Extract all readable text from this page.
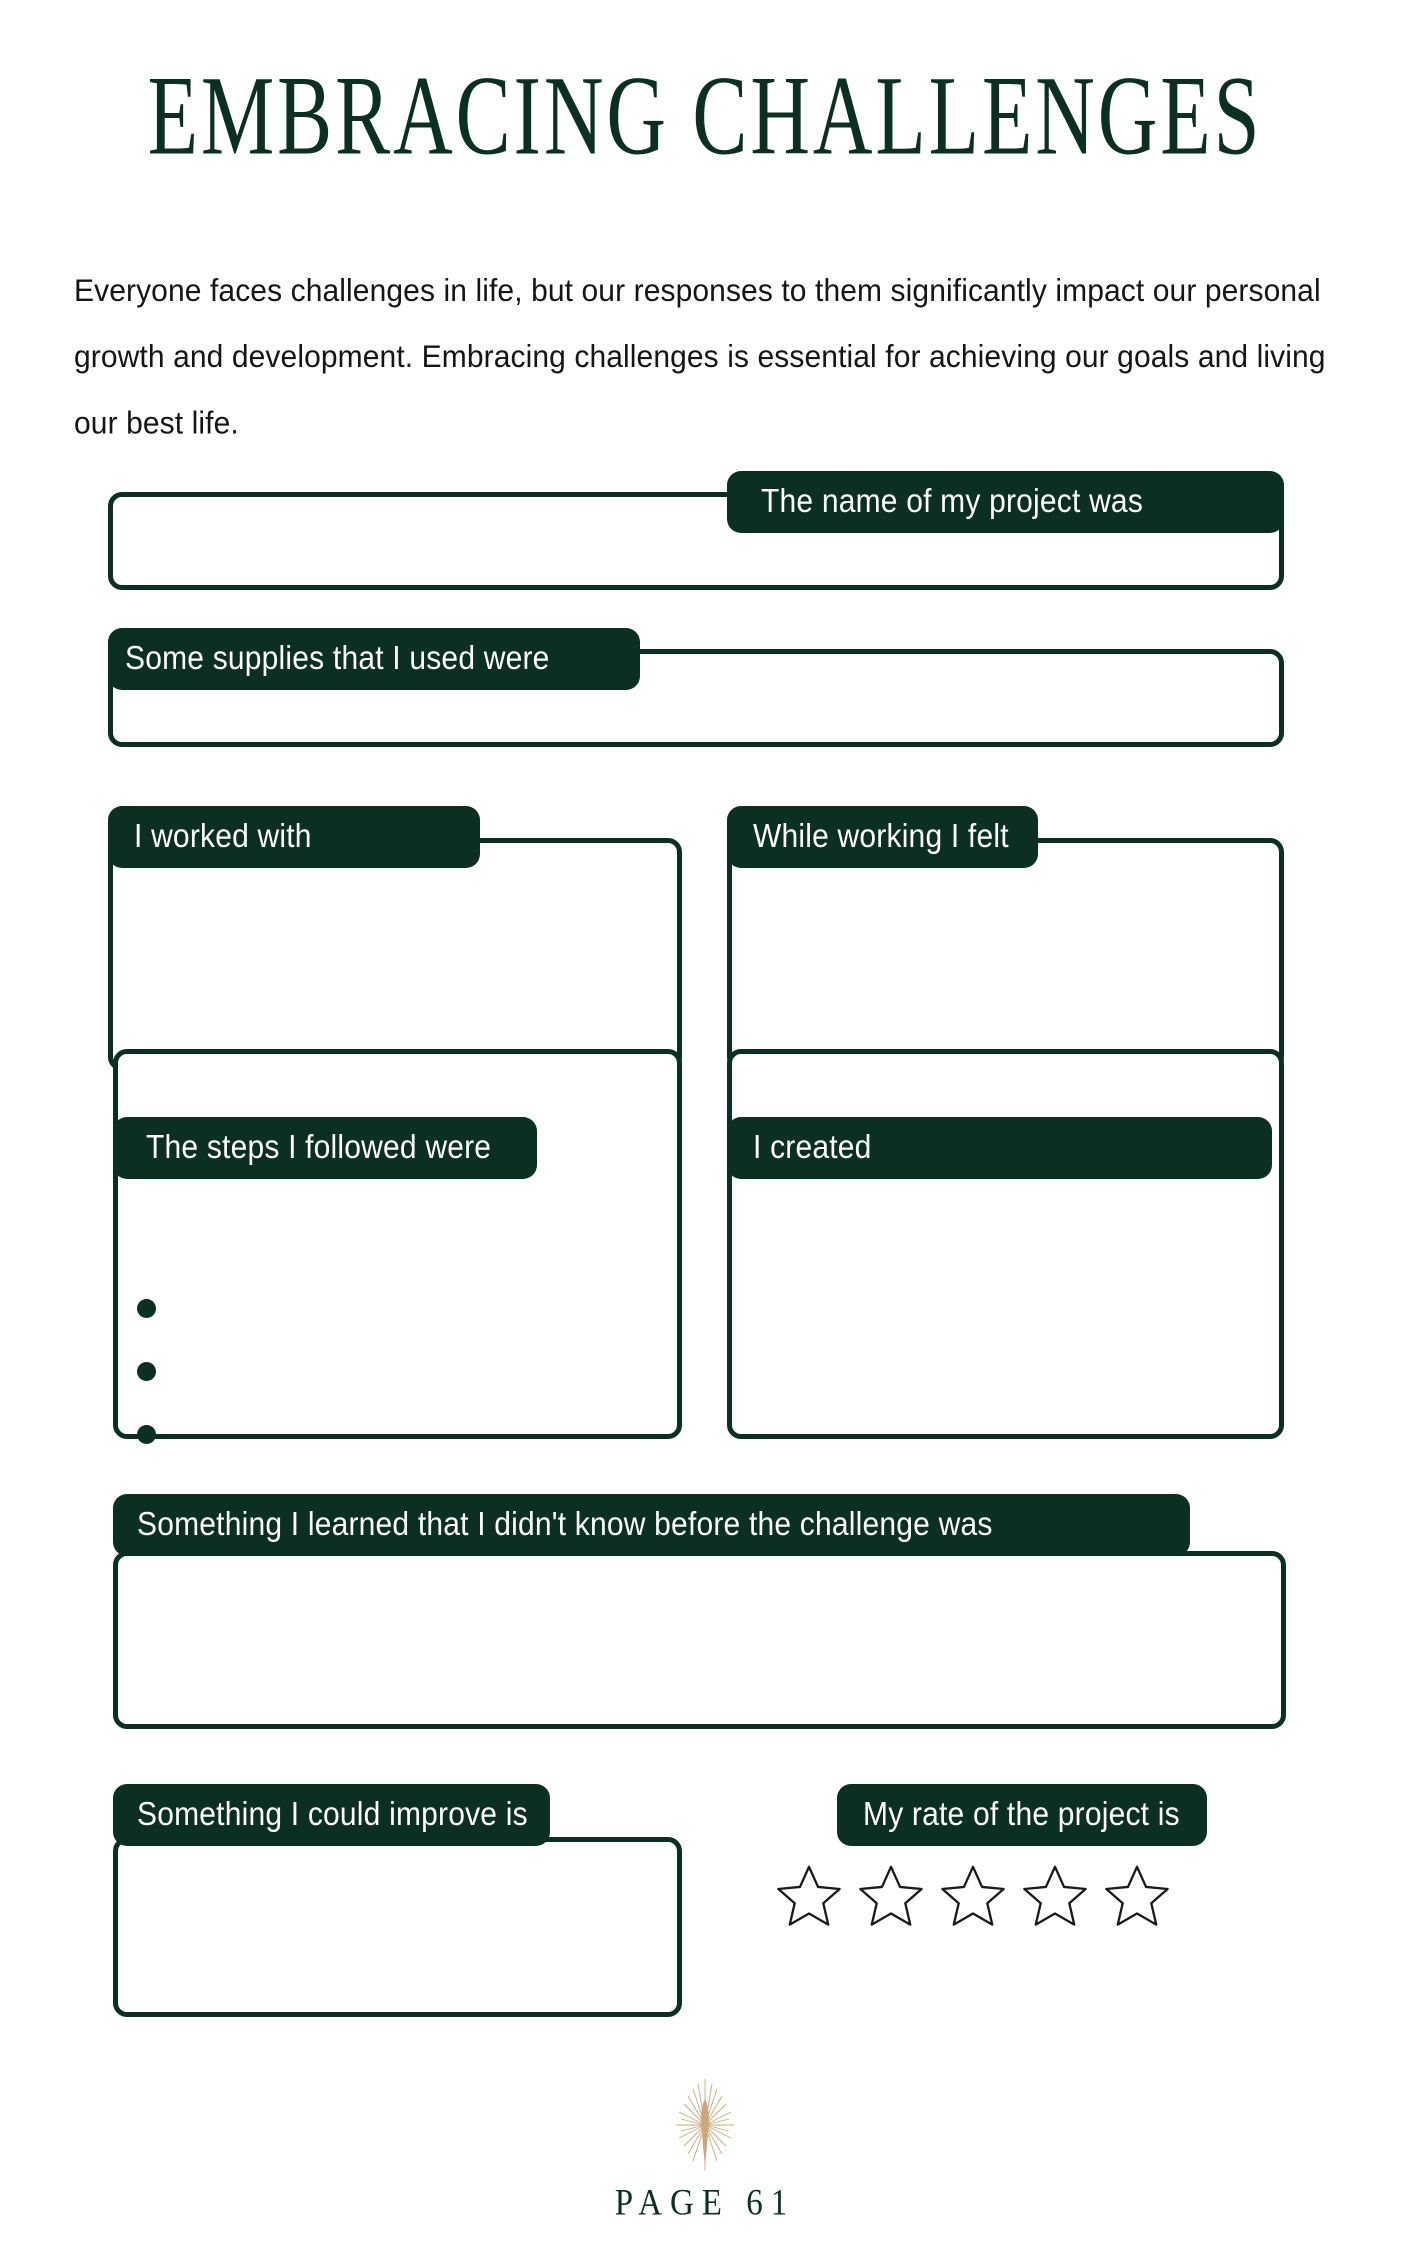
EMBRACING CHALLENGES

Everyone faces challenges in life, but our responses to them significantly impact our personal growth and development. Embracing challenges is essential for achieving our goals and living our best life.

The name of my project was
Some supplies that I used were
I worked with	While working I felt
The steps I followed were	I created
Something I learned that I didn't know before the challenge was
Something I could improve is	My rate of the project is
PAGE 61
